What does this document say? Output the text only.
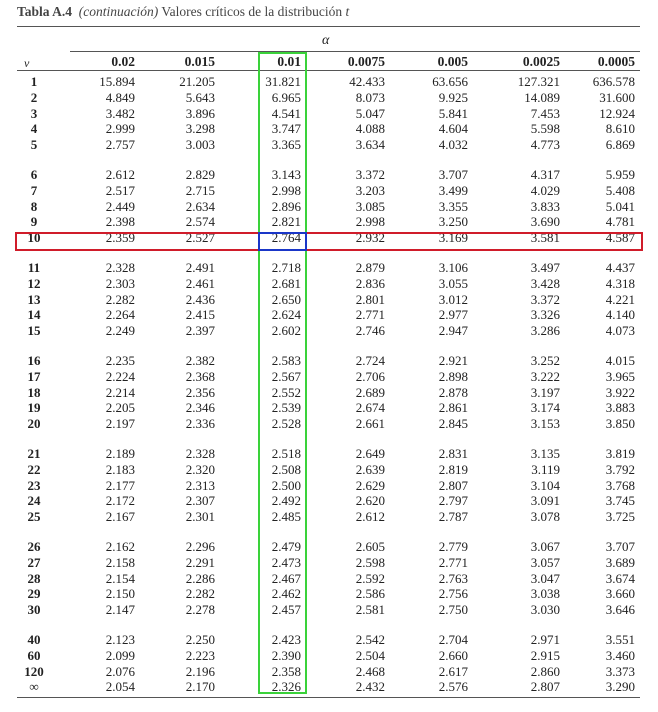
Tabla A.4 (continuación) Valores críticos de la distribución t
α
v	0.02	0.015	0.01	0.0075	0.005	0.0025	0.0005
1	15.894	21.205	31.821	42.433	63.656	127.321	636.578
2	4.849	5.643	6.965	8.073	9.925	14.089	31.600
3	3.482	3.896	4.541	5.047	5.841	7.453	12.924
4	2.999	3.298	3.747	4.088	4.604	5.598	8.610
5	2.757	3.003	3.365	3.634	4.032	4.773	6.869
6	2.612	2.829	3.143	3.372	3.707	4.317	5.959
7	2.517	2.715	2.998	3.203	3.499	4.029	5.408
8	2.449	2.634	2.896	3.085	3.355	3.833	5.041
9	2.398	2.574	2.821	2.998	3.250	3.690	4.781
10	2.359	2.527	2.764	2.932	3.169	3.581	4.587
11	2.328	2.491	2.718	2.879	3.106	3.497	4.437
12	2.303	2.461	2.681	2.836	3.055	3.428	4.318
13	2.282	2.436	2.650	2.801	3.012	3.372	4.221
14	2.264	2.415	2.624	2.771	2.977	3.326	4.140
15	2.249	2.397	2.602	2.746	2.947	3.286	4.073
16	2.235	2.382	2.583	2.724	2.921	3.252	4.015
17	2.224	2.368	2.567	2.706	2.898	3.222	3.965
18	2.214	2.356	2.552	2.689	2.878	3.197	3.922
19	2.205	2.346	2.539	2.674	2.861	3.174	3.883
20	2.197	2.336	2.528	2.661	2.845	3.153	3.850
21	2.189	2.328	2.518	2.649	2.831	3.135	3.819
22	2.183	2.320	2.508	2.639	2.819	3.119	3.792
23	2.177	2.313	2.500	2.629	2.807	3.104	3.768
24	2.172	2.307	2.492	2.620	2.797	3.091	3.745
25	2.167	2.301	2.485	2.612	2.787	3.078	3.725
26	2.162	2.296	2.479	2.605	2.779	3.067	3.707
27	2.158	2.291	2.473	2.598	2.771	3.057	3.689
28	2.154	2.286	2.467	2.592	2.763	3.047	3.674
29	2.150	2.282	2.462	2.586	2.756	3.038	3.660
30	2.147	2.278	2.457	2.581	2.750	3.030	3.646
40	2.123	2.250	2.423	2.542	2.704	2.971	3.551
60	2.099	2.223	2.390	2.504	2.660	2.915	3.460
120	2.076	2.196	2.358	2.468	2.617	2.860	3.373
∞	2.054	2.170	2.326	2.432	2.576	2.807	3.290
